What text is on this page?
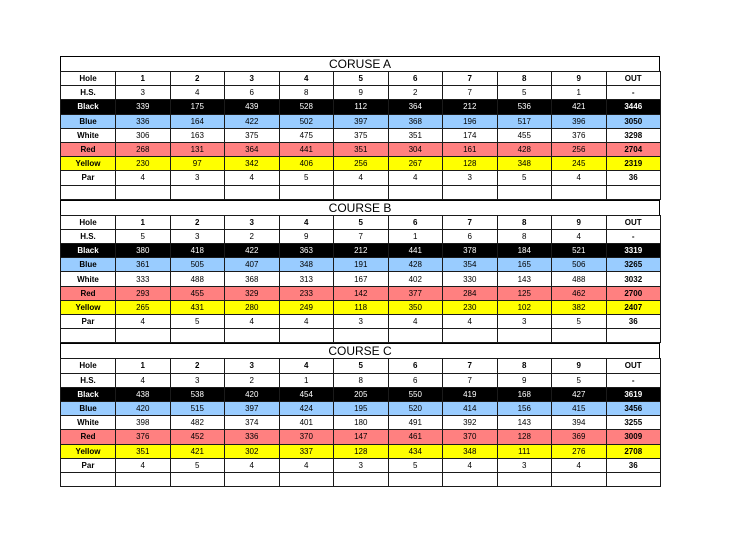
CORUSE A
Hole	1	2	3	4	5	6	7	8	9	OUT
H.S.	3	4	6	8	9	2	7	5	1	-
Black	339	175	439	528	112	364	212	536	421	3446
Blue	336	164	422	502	397	368	196	517	396	3050
White	306	163	375	475	375	351	174	455	376	3298
Red	268	131	364	441	351	304	161	428	256	2704
Yellow	230	97	342	406	256	267	128	348	245	2319
Par	4	3	4	5	4	4	3	5	4	36

COURSE B
Hole	1	2	3	4	5	6	7	8	9	OUT
H.S.	5	3	2	9	7	1	6	8	4	-
Black	380	418	422	363	212	441	378	184	521	3319
Blue	361	505	407	348	191	428	354	165	506	3265
White	333	488	368	313	167	402	330	143	488	3032
Red	293	455	329	233	142	377	284	125	462	2700
Yellow	265	431	280	249	118	350	230	102	382	2407
Par	4	5	4	4	3	4	4	3	5	36

COURSE C
Hole	1	2	3	4	5	6	7	8	9	OUT
H.S.	4	3	2	1	8	6	7	9	5	-
Black	438	538	420	454	205	550	419	168	427	3619
Blue	420	515	397	424	195	520	414	156	415	3456
White	398	482	374	401	180	491	392	143	394	3255
Red	376	452	336	370	147	461	370	128	369	3009
Yellow	351	421	302	337	128	434	348	111	276	2708
Par	4	5	4	4	3	5	4	3	4	36
